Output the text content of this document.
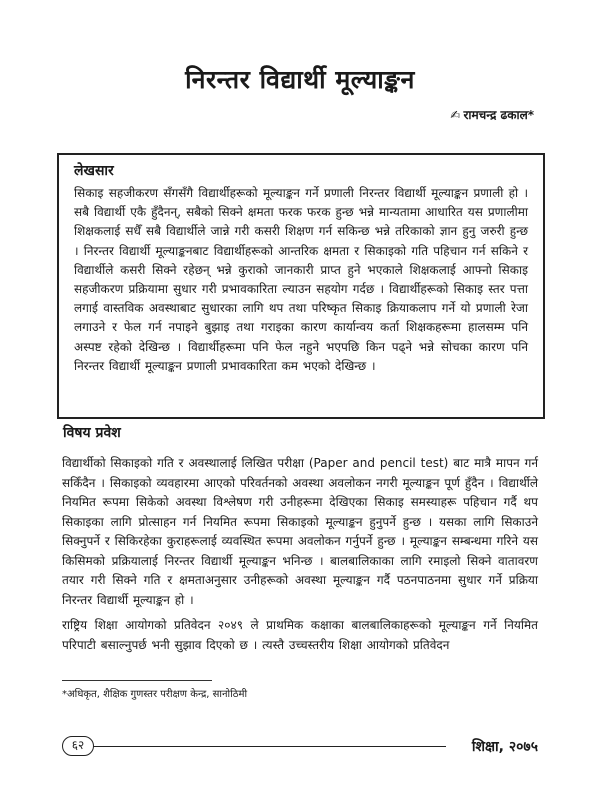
निरन्तर विद्यार्थी मूल्याङ्कन
✍ रामचन्द्र ढकाल*
लेखसार
सिकाइ सहजीकरण सँगसँगै विद्यार्थीहरूको मूल्याङ्कन गर्ने प्रणाली निरन्तर विद्यार्थी मूल्याङ्कन प्रणाली हो । सबै विद्यार्थी एकै हुँदैनन्, सबैको सिक्ने क्षमता फरक फरक हुन्छ भन्ने मान्यतामा आधारित यस प्रणालीमा शिक्षकलाई सधैँ सबै विद्यार्थीले जान्ने गरी कसरी शिक्षण गर्न सकिन्छ भन्ने तरिकाको ज्ञान हुनु जरुरी हुन्छ । निरन्तर विद्यार्थी मूल्याङ्कनबाट विद्यार्थीहरूको आन्तरिक क्षमता र सिकाइको गति पहिचान गर्न सकिने र विद्यार्थीले कसरी सिक्ने रहेछन् भन्ने कुराको जानकारी प्राप्त हुने भएकाले शिक्षकलाई आफ्नो सिकाइ सहजीकरण प्रक्रियामा सुधार गरी प्रभावकारिता ल्याउन सहयोग गर्दछ । विद्यार्थीहरूको सिकाइ स्तर पत्ता लगाई वास्तविक अवस्थाबाट सुधारका लागि थप तथा परिष्कृत सिकाइ क्रियाकलाप गर्ने यो प्रणाली रेजा लगाउने र फेल गर्न नपाइने बुझाइ तथा गराइका कारण कार्यान्वय कर्ता शिक्षकहरूमा हालसम्म पनि अस्पष्ट रहेको देखिन्छ । विद्यार्थीहरूमा पनि फेल नहुने भएपछि किन पढ्ने भन्ने सोचका कारण पनि निरन्तर विद्यार्थी मूल्याङ्कन प्रणाली प्रभावकारिता कम भएको देखिन्छ ।
विषय प्रवेश
विद्यार्थीको सिकाइको गति र अवस्थालाई लिखित परीक्षा (Paper and pencil test) बाट मात्रै मापन गर्न सकिँदैन । सिकाइको व्यवहारमा आएको परिवर्तनको अवस्था अवलोकन नगरी मूल्याङ्कन पूर्ण हुँदैन । विद्यार्थीले नियमित रूपमा सिकेको अवस्था विश्लेषण गरी उनीहरूमा देखिएका सिकाइ समस्याहरू पहिचान गर्दै थप सिकाइका लागि प्रोत्साहन गर्न नियमित रूपमा सिकाइको मूल्याङ्कन हुनुपर्ने हुन्छ । यसका लागि सिकाउने सिक्नुपर्ने र सिकिरहेका कुराहरूलाई व्यवस्थित रूपमा अवलोकन गर्नुपर्ने हुन्छ । मूल्याङ्कन सम्बन्धमा गरिने यस किसिमको प्रक्रियालाई निरन्तर विद्यार्थी मूल्याङ्कन भनिन्छ । बालबालिकाका लागि रमाइलो सिक्ने वातावरण तयार गरी सिक्ने गति र क्षमताअनुसार उनीहरूको अवस्था मूल्याङ्कन गर्दै पठनपाठनमा सुधार गर्ने प्रक्रिया निरन्तर विद्यार्थी मूल्याङ्कन हो ।
राष्ट्रिय शिक्षा आयोगको प्रतिवेदन २०४९ ले प्राथमिक कक्षाका बालबालिकाहरूको मूल्याङ्कन गर्ने नियमित परिपाटी बसाल्नुपर्छ भनी सुझाव दिएको छ । त्यस्तै उच्चस्तरीय शिक्षा आयोगको प्रतिवेदन
*अधिकृत, शैक्षिक गुणस्तर परीक्षण केन्द्र, सानोठिमी
६२	शिक्षा, २०७५
